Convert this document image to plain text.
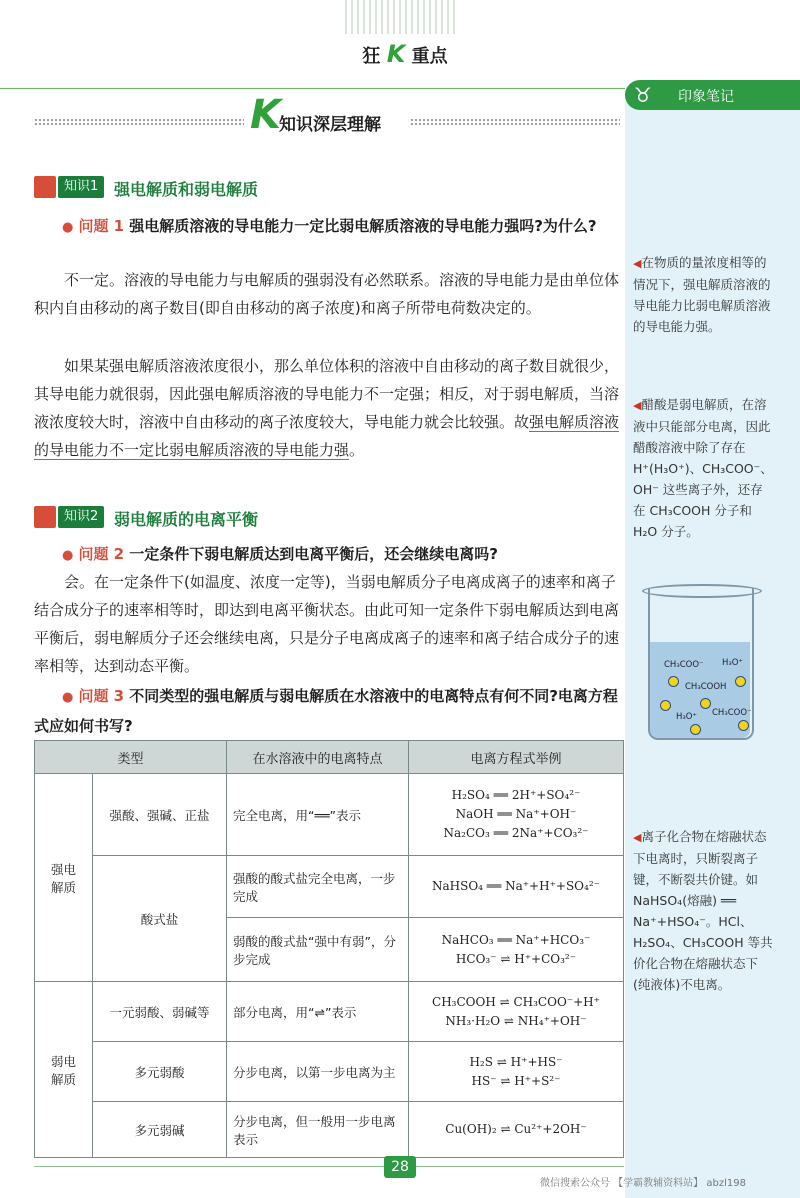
狂 K 重点
♉ 印象笔记
◀在物质的量浓度相等的情况下，强电解质溶液的导电能力比弱电解质溶液的导电能力强。
◀醋酸是弱电解质，在溶液中只能部分电离，因此醋酸溶液中除了存在 H⁺(H₃O⁺)、CH₃COO⁻、OH⁻ 这些离子外，还存在 CH₃COOH 分子和 H₂O 分子。
CH₃COO⁻ H₃O⁺
CH₃COOH
H₃O⁺ CH₃COO⁻
◀离子化合物在熔融状态下电离时，只断裂离子键，不断裂共价键。如 NaHSO₄(熔融) ══ Na⁺+HSO₄⁻。HCl、H₂SO₄、CH₃COOH 等共价化合物在熔融状态下(纯液体)不电离。
K
知识深层理解
知识1 强电解质和弱电解质
● 问题 1 强电解质溶液的导电能力一定比弱电解质溶液的导电能力强吗?为什么?
不一定。溶液的导电能力与电解质的强弱没有必然联系。溶液的导电能力是由单位体积内自由移动的离子数目(即自由移动的离子浓度)和离子所带电荷数决定的。
如果某强电解质溶液浓度很小，那么单位体积的溶液中自由移动的离子数目就很少，其导电能力就很弱，因此强电解质溶液的导电能力不一定强；相反，对于弱电解质，当溶液浓度较大时，溶液中自由移动的离子浓度较大，导电能力就会比较强。故强电解质溶液的导电能力不一定比弱电解质溶液的导电能力强。
知识2 弱电解质的电离平衡
● 问题 2 一定条件下弱电解质达到电离平衡后，还会继续电离吗?
会。在一定条件下(如温度、浓度一定等)，当弱电解质分子电离成离子的速率和离子结合成分子的速率相等时，即达到电离平衡状态。由此可知一定条件下弱电解质达到电离平衡后，弱电解质分子还会继续电离，只是分子电离成离子的速率和离子结合成分子的速率相等，达到动态平衡。
● 问题 3 不同类型的强电解质与弱电解质在水溶液中的电离特点有何不同?电离方程式应如何书写?
类型		在水溶液中的电离特点	电离方程式举例
强电解质	强酸、强碱、正盐	完全电离，用“══”表示	H₂SO₄ ══ 2H⁺+SO₄²⁻
NaOH ══ Na⁺+OH⁻
Na₂CO₃ ══ 2Na⁺+CO₃²⁻

	酸式盐	强酸的酸式盐完全电离，一步完成	NaHSO₄ ══ Na⁺+H⁺+SO₄²⁻

		弱酸的酸式盐“强中有弱”，分步完成	NaHCO₃ ══ Na⁺+HCO₃⁻
HCO₃⁻ ⇌ H⁺+CO₃²⁻

弱电解质	一元弱酸、弱碱等	部分电离，用“⇌”表示	CH₃COOH ⇌ CH₃COO⁻+H⁺
NH₃·H₂O ⇌ NH₄⁺+OH⁻

	多元弱酸	分步电离，以第一步电离为主	H₂S ⇌ H⁺+HS⁻
HS⁻ ⇌ H⁺+S²⁻

	多元弱碱	分步电离，但一般用一步电离表示	Cu(OH)₂ ⇌ Cu²⁺+2OH⁻
28
微信搜索公众号 【学霸教辅资料站】 abzl198
